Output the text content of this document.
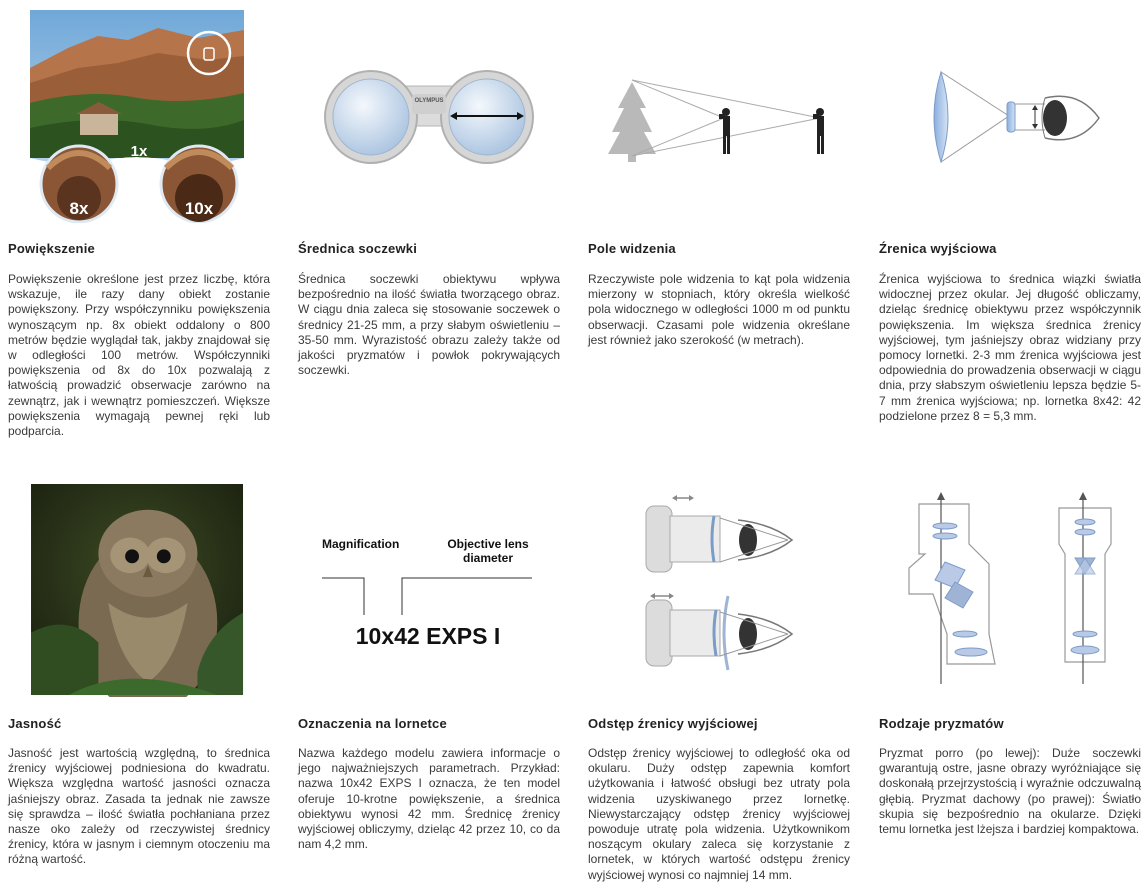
1x
8x	10x
Powiększenie
Powiększenie określone jest przez liczbę, która wskazuje, ile razy dany obiekt zostanie powiększony. Przy współczynniku powiększenia wynoszącym np. 8x obiekt oddalony o 800 metrów będzie wyglądał tak, jakby znajdował się w odległości 100 metrów. Współczynniki powiększenia od 8x do 10x pozwalają z łatwością prowadzić obserwacje zarówno na zewnątrz, jak i wewnątrz pomieszczeń. Większe powiększenia wymagają pewnej ręki lub podparcia.
OLYMPUS
Średnica soczewki
Średnica soczewki obiektywu wpływa bezpośrednio na ilość światła tworzącego obraz. W ciągu dnia zaleca się stosowanie soczewek o średnicy 21-25 mm, a przy słabym oświetleniu – 35-50 mm. Wyrazistość obrazu zależy także od jakości pryzmatów i powłok pokrywających soczewki.
Pole widzenia
Rzeczywiste pole widzenia to kąt pola widzenia mierzony w stopniach, który określa wielkość pola widocznego w odległości 1000 m od punktu obserwacji. Czasami pole widzenia określane jest również jako szerokość (w metrach).
Źrenica wyjściowa
Źrenica wyjściowa to średnica wiązki światła widocznej przez okular. Jej długość obliczamy, dzieląc średnicę obiektywu przez współczynnik powiększenia. Im większa średnica źrenicy wyjściowej, tym jaśniejszy obraz widziany przy pomocy lornetki. 2-3 mm źrenica wyjściowa jest odpowiednia do prowadzenia obserwacji w ciągu dnia, przy słabszym oświetleniu lepsza będzie 5-7 mm źrenica wyjściowa; np. lornetka 8x42: 42 podzielone przez 8 = 5,3 mm.
Jasność
Jasność jest wartością względną, to średnica źrenicy wyjściowej podniesiona do kwadratu. Większa względna wartość jasności oznacza jaśniejszy obraz. Zasada ta jednak nie zawsze się sprawdza – ilość światła pochłaniana przez nasze oko zależy od rzeczywistej średnicy źrenicy, która w jasnym i ciemnym otoczeniu ma różną wartość.
Magnification	Objective lens
diameter
10x42 EXPS I
Oznaczenia na lornetce
Nazwa każdego modelu zawiera informacje o jego najważniejszych parametrach. Przykład: nazwa 10x42 EXPS I oznacza, że ten model oferuje 10-krotne powiększenie, a średnica obiektywu wynosi 42 mm. Średnicę źrenicy wyjściowej obliczymy, dzieląc 42 przez 10, co da nam 4,2 mm.
Odstęp źrenicy wyjściowej
Odstęp źrenicy wyjściowej to odległość oka od okularu. Duży odstęp zapewnia komfort użytkowania i łatwość obsługi bez utraty pola widzenia uzyskiwanego przez lornetkę. Niewystarczający odstęp źrenicy wyjściowej powoduje utratę pola widzenia. Użytkownikom noszącym okulary zaleca się korzystanie z lornetek, w których wartość odstępu źrenicy wyjściowej wynosi co najmniej 14 mm.
Rodzaje pryzmatów
Pryzmat porro (po lewej): Duże soczewki gwarantują ostre, jasne obrazy wyróżniające się doskonałą przejrzystością i wyraźnie odczuwalną głębią. Pryzmat dachowy (po prawej): Światło skupia się bezpośrednio na okularze. Dzięki temu lornetka jest lżejsza i bardziej kompaktowa.
